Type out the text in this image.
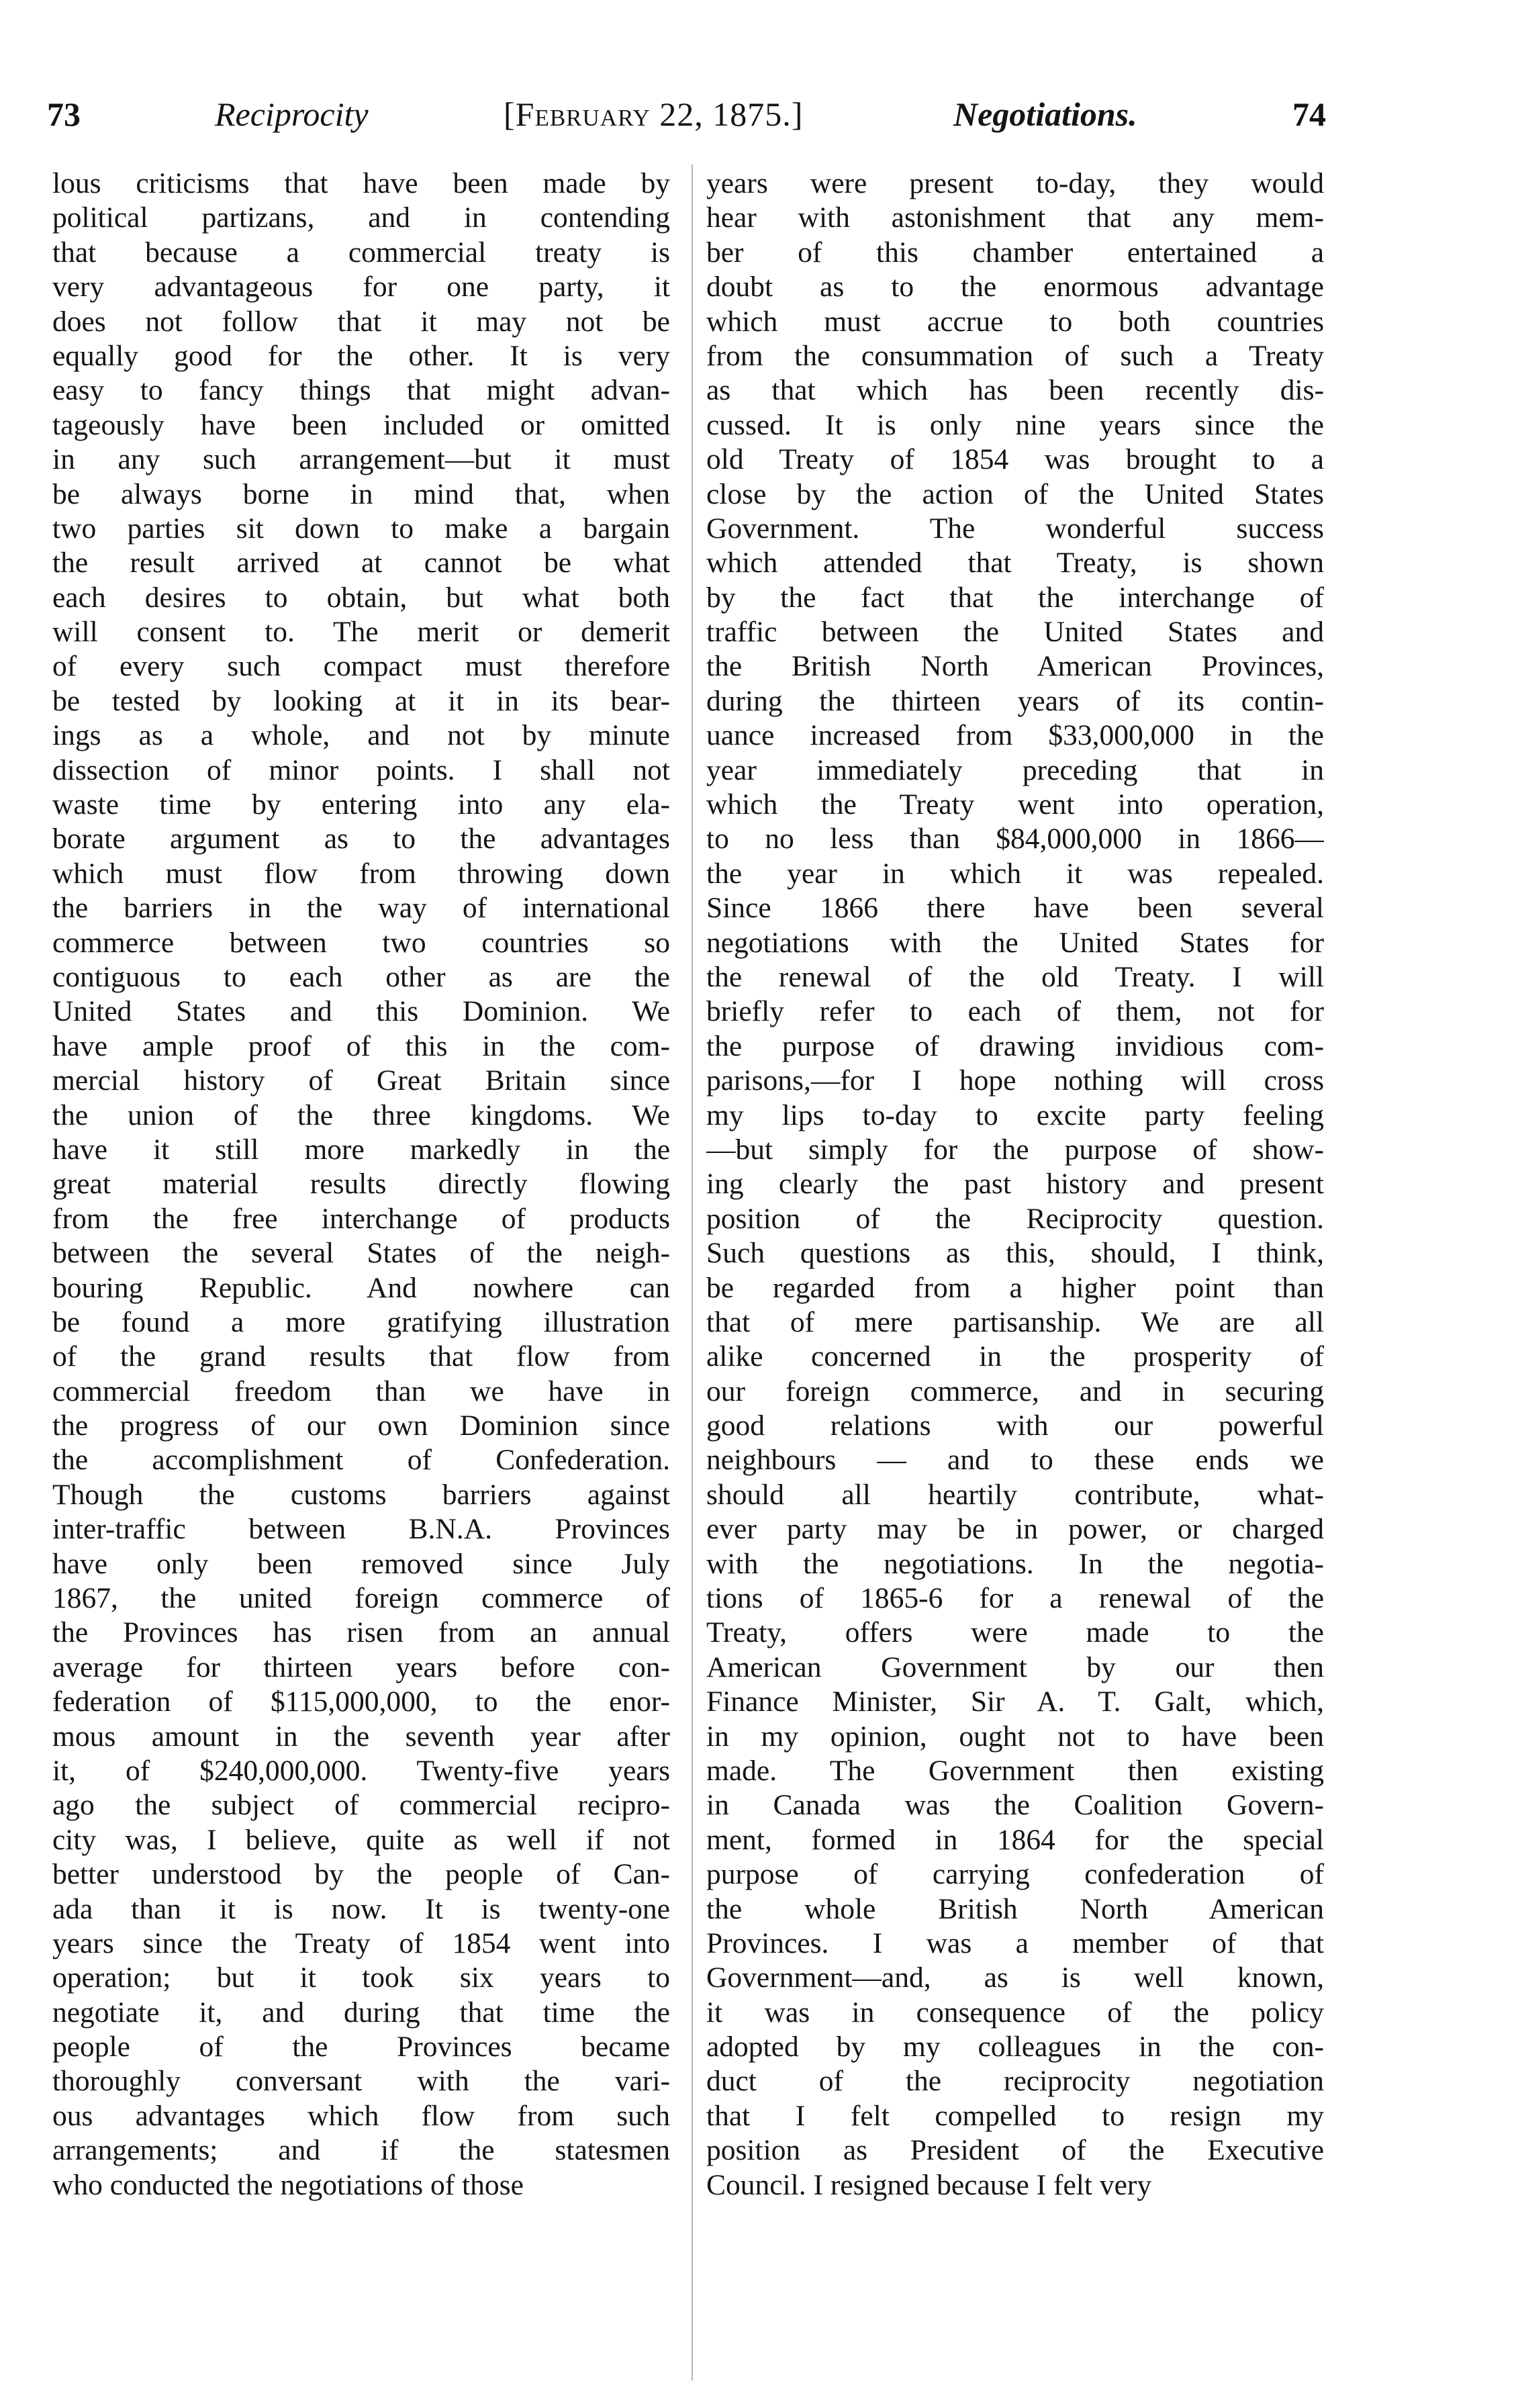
73	Reciprocity	[February 22, 1875.]	Negotiations.	74
lous criticisms that have been made by
political partizans, and in contending
that because a commercial treaty is
very advantageous for one party, it
does not follow that it may not be
equally good for the other. It is very
easy to fancy things that might advan-
tageously have been included or omitted
in any such arrangement—but it must
be always borne in mind that, when
two parties sit down to make a bargain
the result arrived at cannot be what
each desires to obtain, but what both
will consent to. The merit or demerit
of every such compact must therefore
be tested by looking at it in its bear-
ings as a whole, and not by minute
dissection of minor points. I shall not
waste time by entering into any ela-
borate argument as to the advantages
which must flow from throwing down
the barriers in the way of international
commerce between two countries so
contiguous to each other as are the
United States and this Dominion. We
have ample proof of this in the com-
mercial history of Great Britain since
the union of the three kingdoms. We
have it still more markedly in the
great material results directly flowing
from the free interchange of products
between the several States of the neigh-
bouring Republic. And nowhere can
be found a more gratifying illustration
of the grand results that flow from
commercial freedom than we have in
the progress of our own Dominion since
the accomplishment of Confederation.
Though the customs barriers against
inter-traffic between B.N.A. Provinces
have only been removed since July
1867, the united foreign commerce of
the Provinces has risen from an annual
average for thirteen years before con-
federation of $115,000,000, to the enor-
mous amount in the seventh year after
it, of $240,000,000. Twenty-five years
ago the subject of commercial recipro-
city was, I believe, quite as well if not
better understood by the people of Can-
ada than it is now. It is twenty-one
years since the Treaty of 1854 went into
operation; but it took six years to
negotiate it, and during that time the
people of the Provinces became
thoroughly conversant with the vari-
ous advantages which flow from such
arrangements; and if the statesmen
who conducted the negotiations of those
years were present to-day, they would
hear with astonishment that any mem-
ber of this chamber entertained a
doubt as to the enormous advantage
which must accrue to both countries
from the consummation of such a Treaty
as that which has been recently dis-
cussed. It is only nine years since the
old Treaty of 1854 was brought to a
close by the action of the United States
Government. The wonderful success
which attended that Treaty, is shown
by the fact that the interchange of
traffic between the United States and
the British North American Provinces,
during the thirteen years of its contin-
uance increased from $33,000,000 in the
year immediately preceding that in
which the Treaty went into operation,
to no less than $84,000,000 in 1866—
the year in which it was repealed.
Since 1866 there have been several
negotiations with the United States for
the renewal of the old Treaty. I will
briefly refer to each of them, not for
the purpose of drawing invidious com-
parisons,—for I hope nothing will cross
my lips to-day to excite party feeling
—but simply for the purpose of show-
ing clearly the past history and present
position of the Reciprocity question.
Such questions as this, should, I think,
be regarded from a higher point than
that of mere partisanship. We are all
alike concerned in the prosperity of
our foreign commerce, and in securing
good relations with our powerful
neighbours — and to these ends we
should all heartily contribute, what-
ever party may be in power, or charged
with the negotiations. In the negotia-
tions of 1865-6 for a renewal of the
Treaty, offers were made to the
American Government by our then
Finance Minister, Sir A. T. Galt, which,
in my opinion, ought not to have been
made. The Government then existing
in Canada was the Coalition Govern-
ment, formed in 1864 for the special
purpose of carrying confederation of
the whole British North American
Provinces. I was a member of that
Government—and, as is well known,
it was in consequence of the policy
adopted by my colleagues in the con-
duct of the reciprocity negotiation
that I felt compelled to resign my
position as President of the Executive
Council. I resigned because I felt very
